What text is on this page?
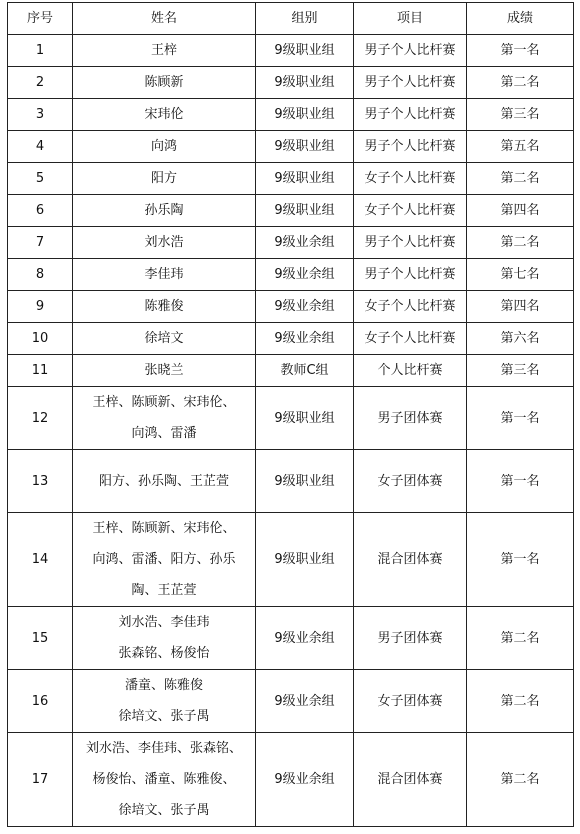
序号	姓名	组别	项目	成绩
1	王梓	9级职业组	男子个人比杆赛	第一名
2	陈顾新	9级职业组	男子个人比杆赛	第二名
3	宋玮伦	9级职业组	男子个人比杆赛	第三名
4	向鸿	9级职业组	男子个人比杆赛	第五名
5	阳方	9级职业组	女子个人比杆赛	第二名
6	孙乐陶	9级职业组	女子个人比杆赛	第四名
7	刘水浩	9级业余组	男子个人比杆赛	第二名
8	李佳玮	9级业余组	男子个人比杆赛	第七名
9	陈雅俊	9级业余组	女子个人比杆赛	第四名
10	徐培文	9级业余组	女子个人比杆赛	第六名
11	张晓兰	教师C组	个人比杆赛	第三名
12	王梓、陈顾新、宋玮伦、
向鸿、雷潘	9级职业组	男子团体赛	第一名
13	阳方、孙乐陶、王芷萱	9级职业组	女子团体赛	第一名
14	王梓、陈顾新、宋玮伦、
向鸿、雷潘、阳方、孙乐
陶、王芷萱	9级职业组	混合团体赛	第一名
15	刘水浩、李佳玮
张森铭、杨俊怡	9级业余组	男子团体赛	第二名
16	潘童、陈雅俊
徐培文、张子禺	9级业余组	女子团体赛	第二名
17	刘水浩、李佳玮、张森铭、
杨俊怡、潘童、陈雅俊、
徐培文、张子禺	9级业余组	混合团体赛	第二名
